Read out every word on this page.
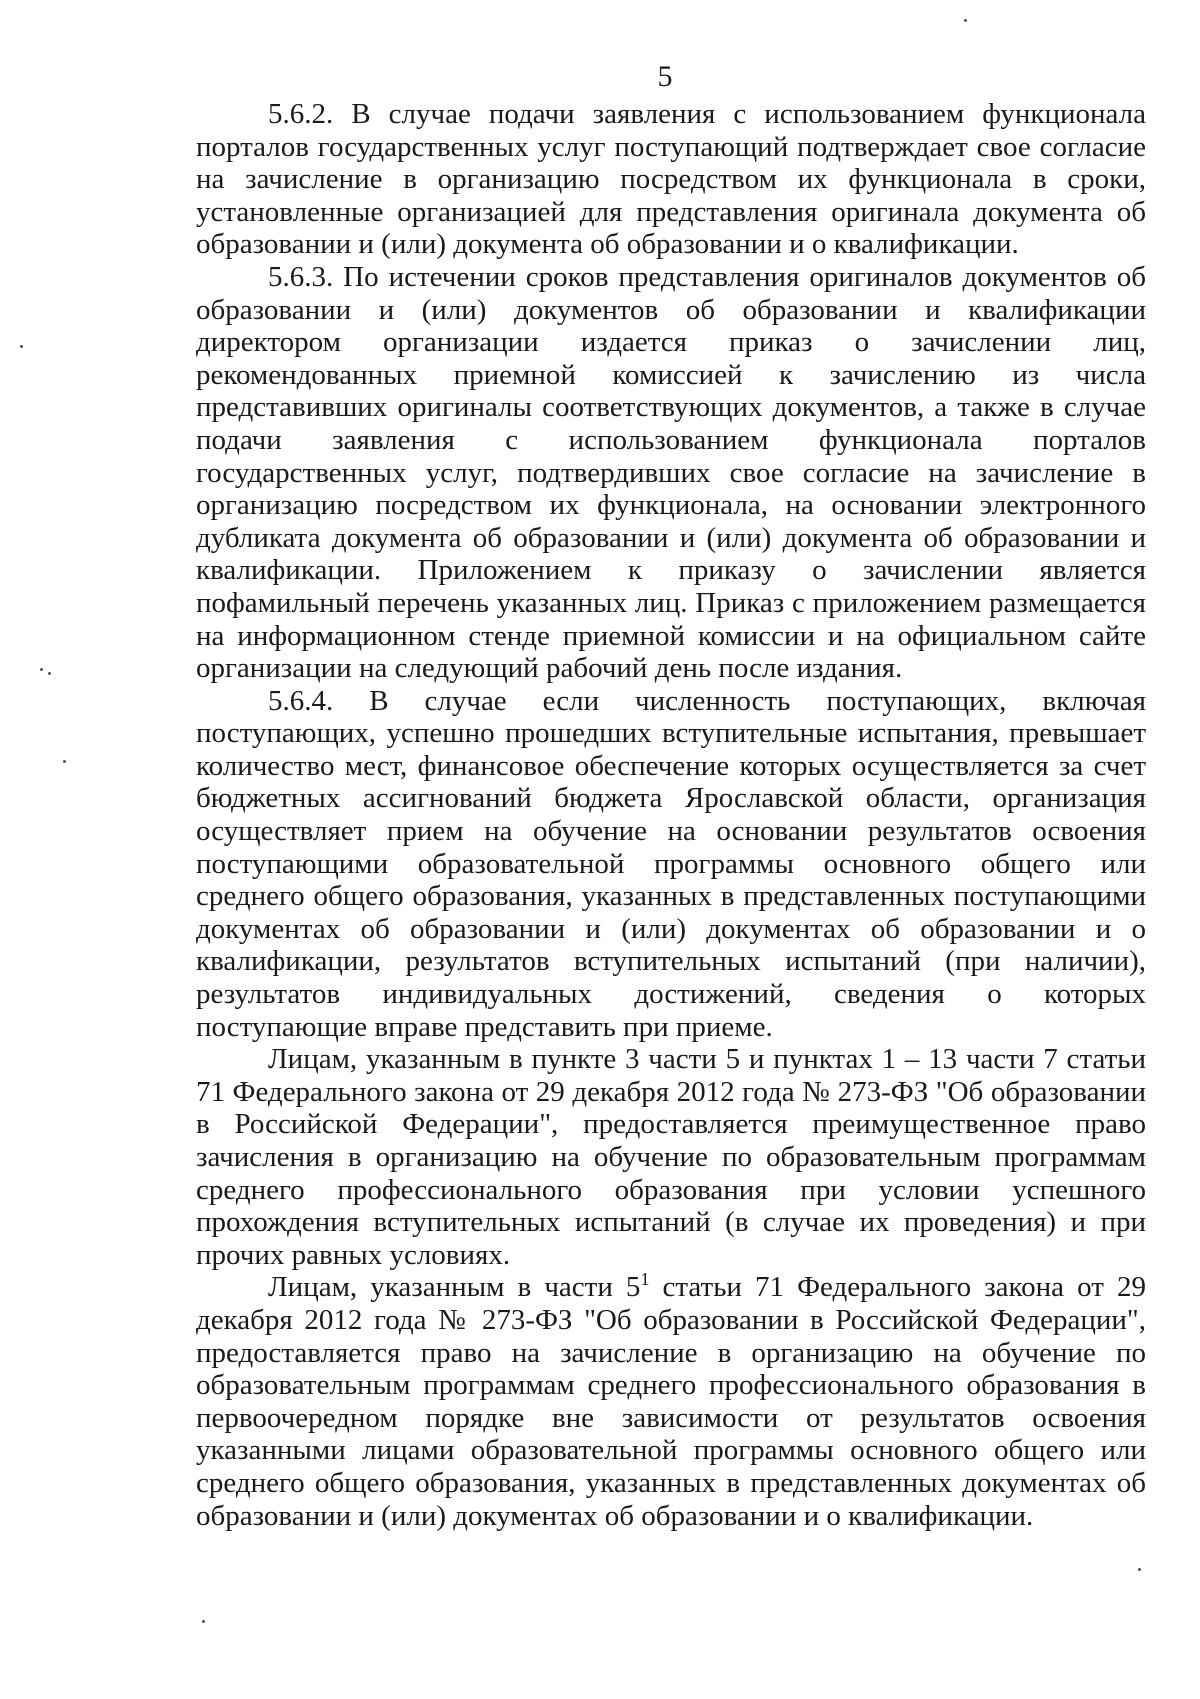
5

5.6.2. В случае подачи заявления с использованием функционала порталов государственных услуг поступающий подтверждает свое согласие на зачисление в организацию посредством их функционала в сроки, установленные организацией для представления оригинала документа об образовании и (или) документа об образовании и о квалификации.

5.6.3. По истечении сроков представления оригиналов документов об образовании и (или) документов об образовании и квалификации директором организации издается приказ о зачислении лиц, рекомендованных приемной комиссией к зачислению из числа представивших оригиналы соответствующих документов, а также в случае подачи заявления с использованием функционала порталов государственных услуг, подтвердивших свое согласие на зачисление в организацию посредством их функционала, на основании электронного дубликата документа об образовании и (или) документа об образовании и квалификации. Приложением к приказу о зачислении является пофамильный перечень указанных лиц. Приказ с приложением размещается на информационном стенде приемной комиссии и на официальном сайте организации на следующий рабочий день после издания.

5.6.4. В случае если численность поступающих, включая поступающих, успешно прошедших вступительные испытания, превышает количество мест, финансовое обеспечение которых осуществляется за счет бюджетных ассигнований бюджета Ярославской области, организация осуществляет прием на обучение на основании результатов освоения поступающими образовательной программы основного общего или среднего общего образования, указанных в представленных поступающими документах об образовании и (или) документах об образовании и о квалификации, результатов вступительных испытаний (при наличии), результатов индивидуальных достижений, сведения о которых поступающие вправе представить при приеме.

Лицам, указанным в пункте 3 части 5 и пунктах 1 – 13 части 7 статьи 71 Федерального закона от 29 декабря 2012 года № 273-ФЗ "Об образовании в Российской Федерации", предоставляется преимущественное право зачисления в организацию на обучение по образовательным программам среднего профессионального образования при условии успешного прохождения вступительных испытаний (в случае их проведения) и при прочих равных условиях.

Лицам, указанным в части $5^1$ статьи 71 Федерального закона от 29 декабря 2012 года № 273-ФЗ "Об образовании в Российской Федерации", предоставляется право на зачисление в организацию на обучение по образовательным программам среднего профессионального образования в первоочередном порядке вне зависимости от результатов освоения указанными лицами образовательной программы основного общего или среднего общего образования, указанных в представленных документах об образовании и (или) документах об образовании и о квалификации.
